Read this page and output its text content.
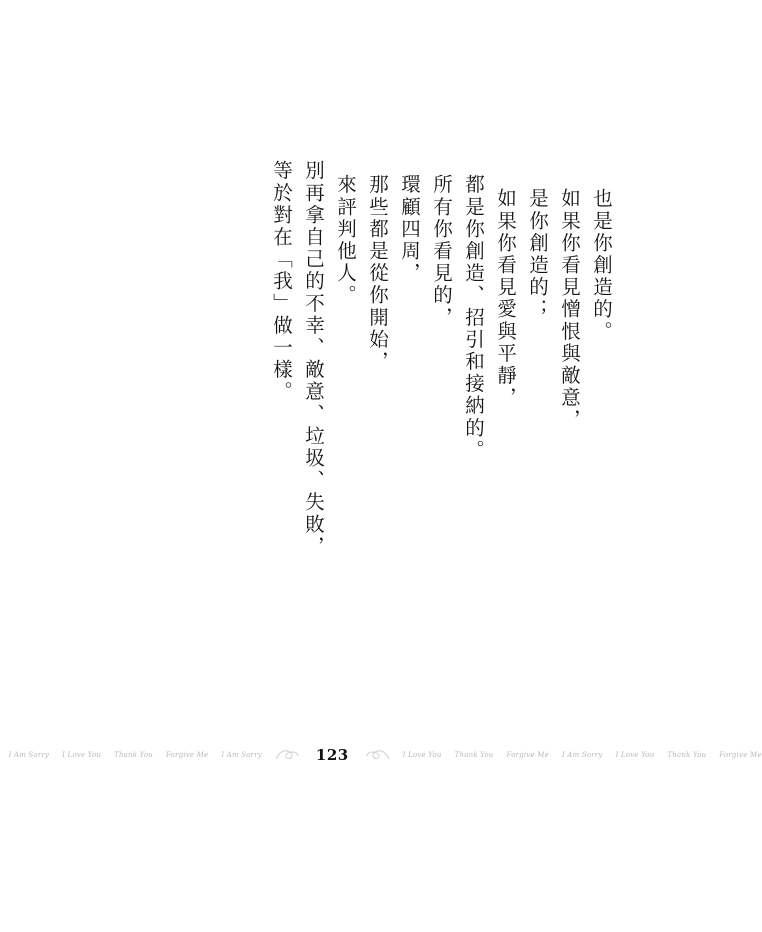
等於對在「我」做一樣。 別再拿自己的不幸、敵意、垃圾、失敗， 來評判他人。 那些都是從你開始， 環顧四周， 所有你看見的， 都是你創造、招引和接納的。 如果你看見愛與平靜， 是你創造的； 如果你看見憎恨與敵意， 也是你創造的。
I Am Sorry I Love You Thank You Forgive Me I Am Sorry	123	I Love You Thank You Forgive Me I Am Sorry I Love You Thank You Forgive Me
